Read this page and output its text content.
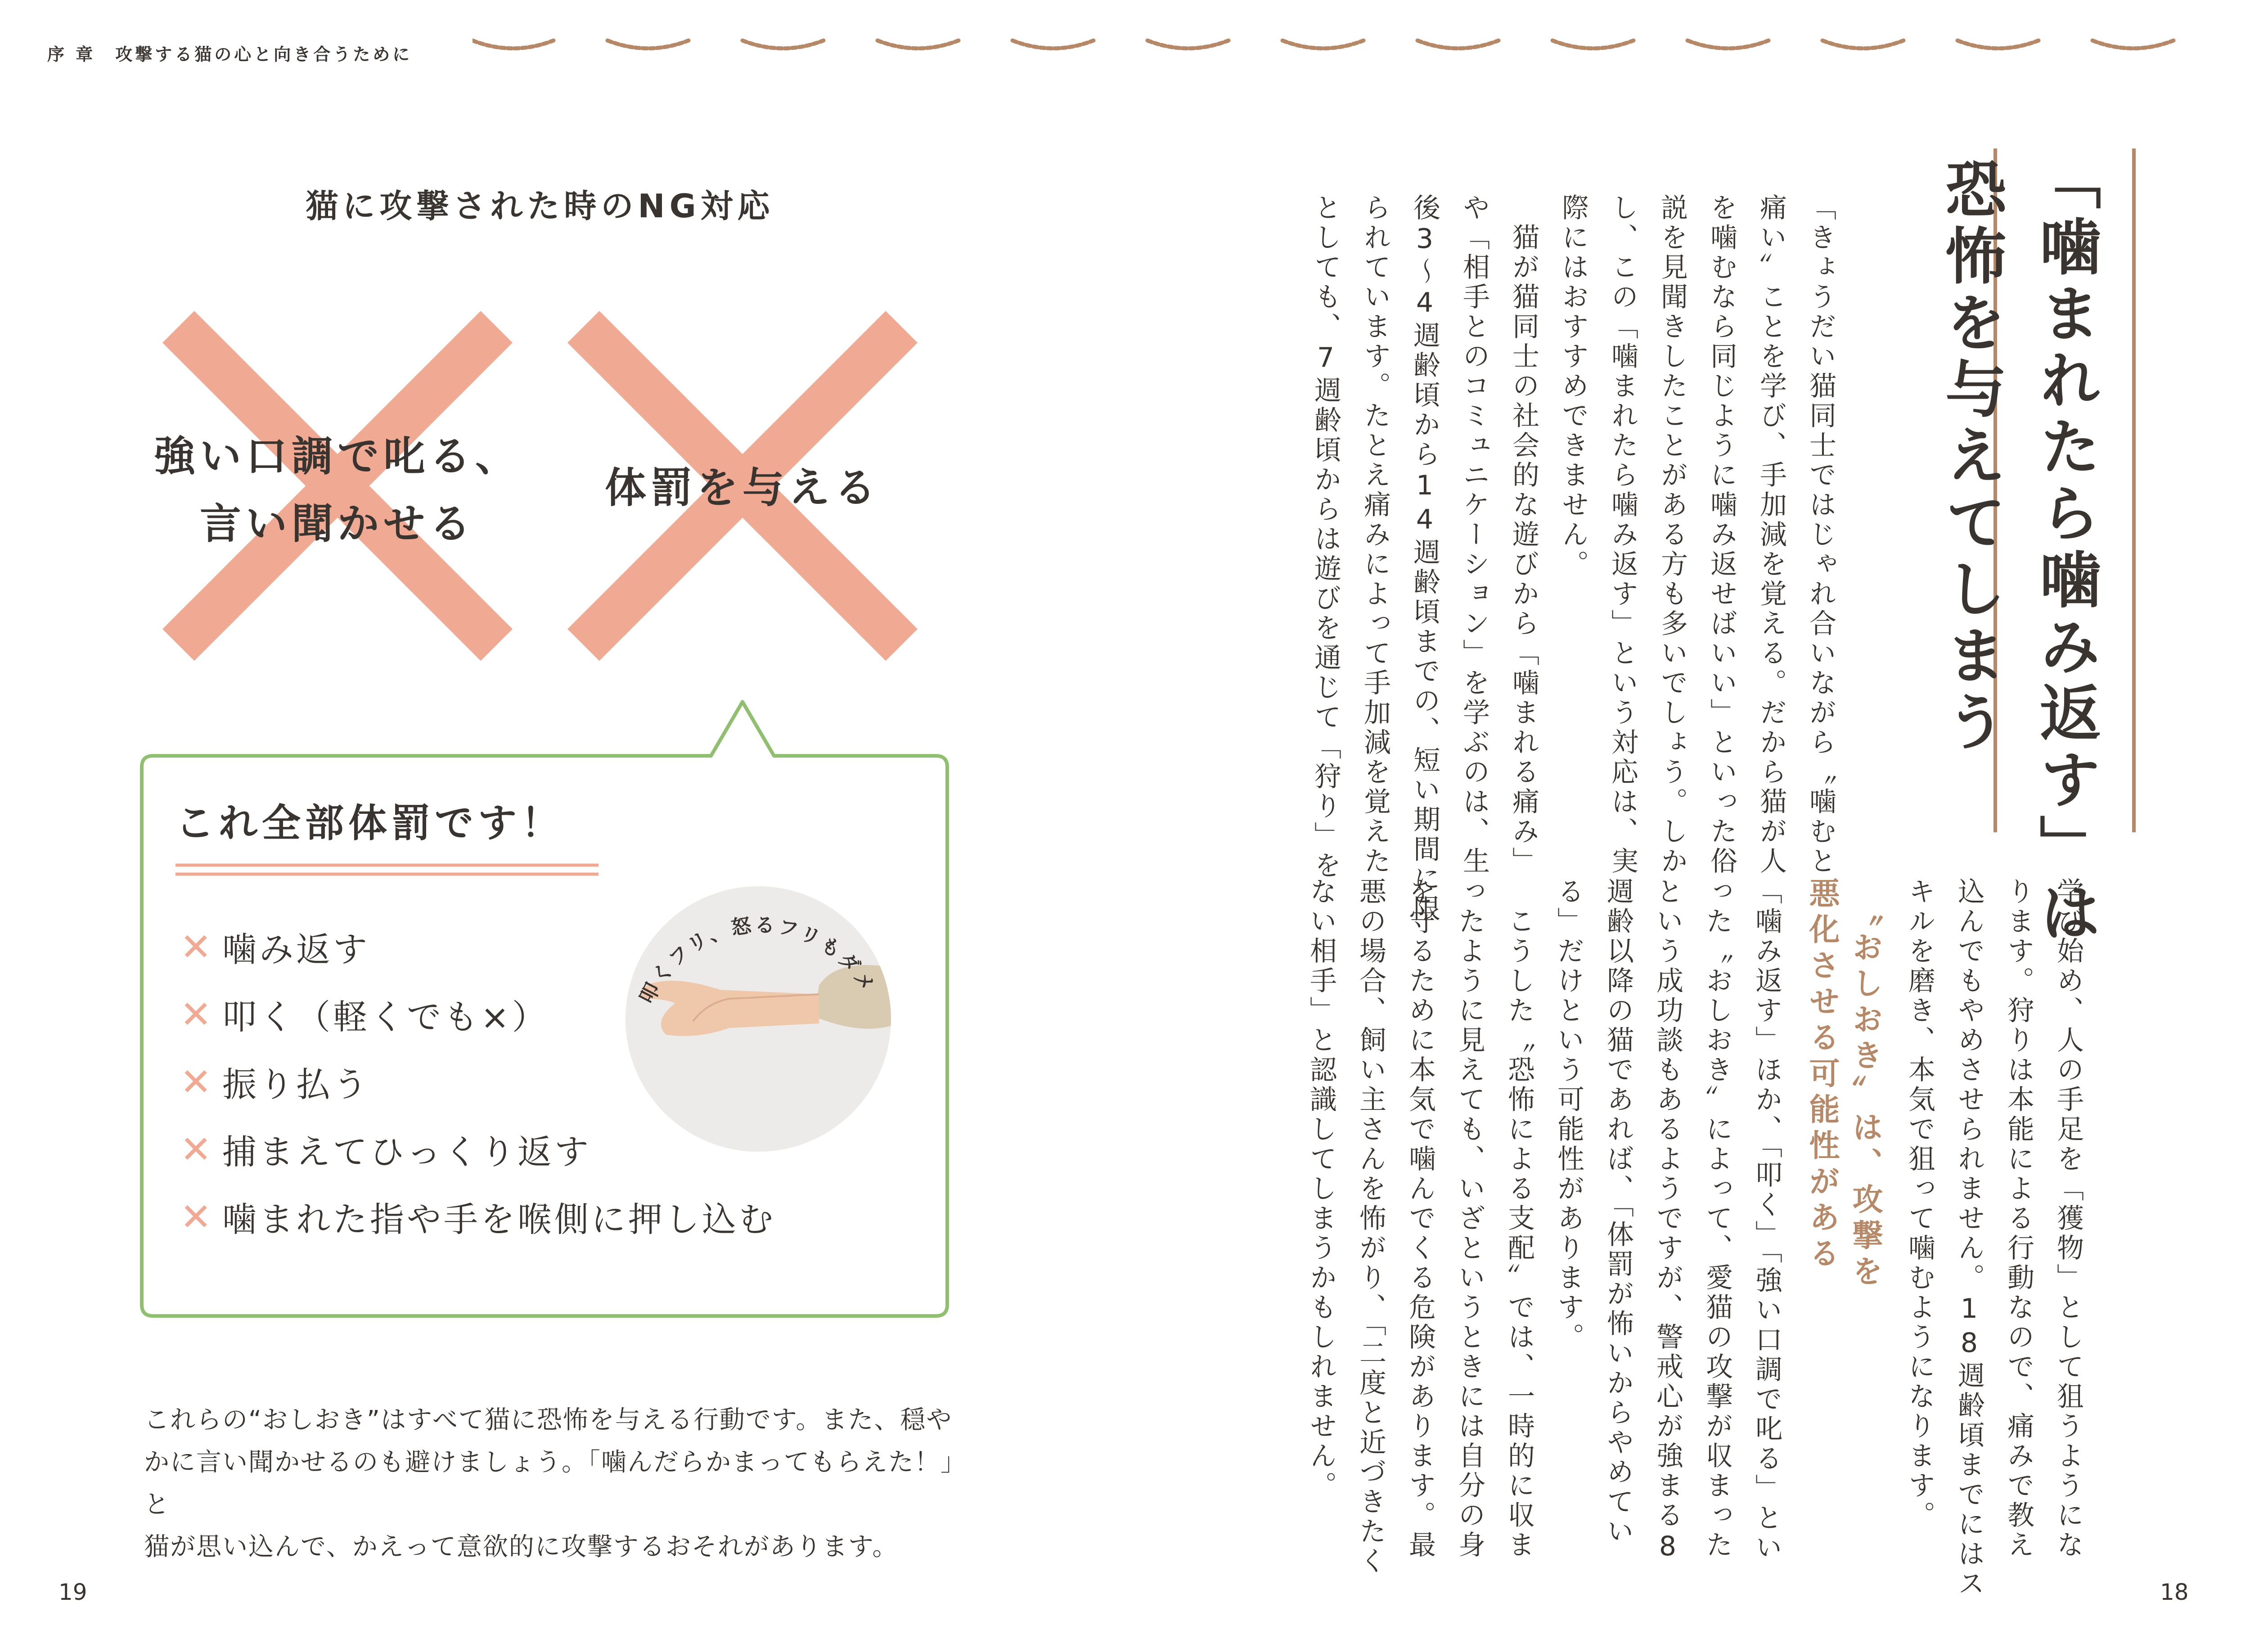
序 章　攻撃する猫の心と向き合うために
猫に攻撃された時のNG対応
強い口調で叱る、
言い聞かせる
体罰を与える
これ全部体罰です！
✕ 噛み返す
✕ 叩く（軽くでも×）
✕ 振り払う
✕ 捕まえてひっくり返す
✕ 噛まれた指や手を喉側に押し込む
叩くフリ、怒るフリもダメ
これらの“おしおき”はすべて猫に恐怖を与える行動です。また、穏や
かに言い聞かせるのも避けましょう。「噛んだらかまってもらえた！」と
猫が思い込んで、かえって意欲的に攻撃するおそれがあります。
19
「噛まれたら噛み返す」は
恐怖を与えてしまう
「きょうだい猫同士ではじゃれ合いながら〝噛むと
痛い〟ことを学び、手加減を覚える。だから猫が人
を噛むなら同じように噛み返せばいい」といった俗
説を見聞きしたことがある方も多いでしょう。しか
し、この「噛まれたら噛み返す」という対応は、実
際にはおすすめできません。
　猫が猫同士の社会的な遊びから「噛まれる痛み」
や「相手とのコミュニケーション」を学ぶのは、生
後3〜4週齢頃から14週齢頃までの、短い期間に限
られています。たとえ痛みによって手加減を覚えた
としても、7週齢頃からは遊びを通じて「狩り」を
学び始め、人の手足を「獲物」として狙うようにな
ります。狩りは本能による行動なので、痛みで教え
込んでもやめさせられません。18週齢頃までにはス
キルを磨き、本気で狙って噛むようになります。
〝おしおき〟は、攻撃を
悪化させる可能性がある
「噛み返す」ほか、「叩く」「強い口調で叱る」とい
った〝おしおき〟によって、愛猫の攻撃が収まった
という成功談もあるようですが、警戒心が強まる8
週齢以降の猫であれば、「体罰が怖いからやめてい
る」だけという可能性があります。
　こうした〝恐怖による支配〟では、一時的に収ま
ったように見えても、いざというときには自分の身
を守るために本気で噛んでくる危険があります。最
悪の場合、飼い主さんを怖がり、「二度と近づきたく
ない相手」と認識してしまうかもしれません。
18
